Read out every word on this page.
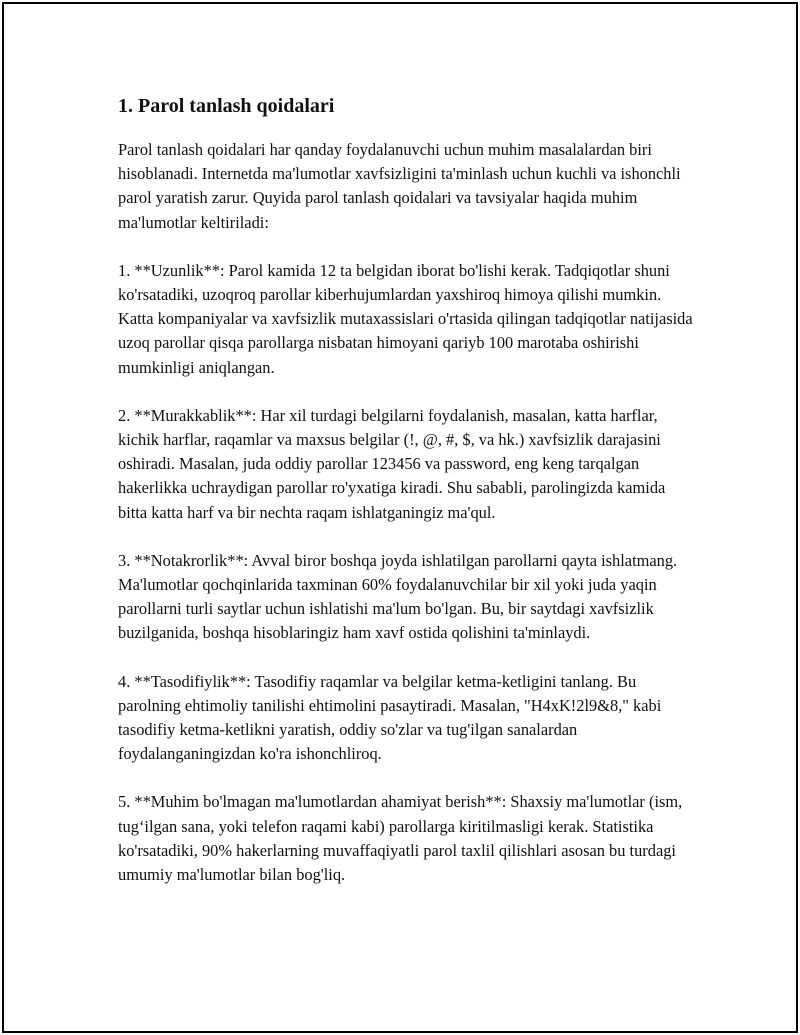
1. Parol tanlash qoidalari

Parol tanlash qoidalari har qanday foydalanuvchi uchun muhim masalalardan biri hisoblanadi. Internetda ma'lumotlar xavfsizligini ta'minlash uchun kuchli va ishonchli parol yaratish zarur. Quyida parol tanlash qoidalari va tavsiyalar haqida muhim ma'lumotlar keltiriladi:

1. **Uzunlik**: Parol kamida 12 ta belgidan iborat bo'lishi kerak. Tadqiqotlar shuni ko'rsatadiki, uzoqroq parollar kiberhujumlardan yaxshiroq himoya qilishi mumkin. Katta kompaniyalar va xavfsizlik mutaxassislari o'rtasida qilingan tadqiqotlar natijasida uzoq parollar qisqa parollarga nisbatan himoyani qariyb 100 marotaba oshirishi mumkinligi aniqlangan.

2. **Murakkablik**: Har xil turdagi belgilarni foydalanish, masalan, katta harflar, kichik harflar, raqamlar va maxsus belgilar (!, @, #, $, va hk.) xavfsizlik darajasini oshiradi. Masalan, juda oddiy parollar 123456 va password, eng keng tarqalgan hakerlikka uchraydigan parollar ro'yxatiga kiradi. Shu sababli, parolingizda kamida bitta katta harf va bir nechta raqam ishlatganingiz ma'qul.

3. **Notakrorlik**: Avval biror boshqa joyda ishlatilgan parollarni qayta ishlatmang. Ma'lumotlar qochqinlarida taxminan 60% foydalanuvchilar bir xil yoki juda yaqin parollarni turli saytlar uchun ishlatishi ma'lum bo'lgan. Bu, bir saytdagi xavfsizlik buzilganida, boshqa hisoblaringiz ham xavf ostida qolishini ta'minlaydi.

4. **Tasodifiylik**: Tasodifiy raqamlar va belgilar ketma-ketligini tanlang. Bu parolning ehtimoliy tanilishi ehtimolini pasaytiradi. Masalan, "H4xK!2l9&8," kabi tasodifiy ketma-ketlikni yaratish, oddiy so'zlar va tug'ilgan sanalardan foydalanganingizdan ko'ra ishonchliroq.

5. **Muhim bo'lmagan ma'lumotlardan ahamiyat berish**: Shaxsiy ma'lumotlar (ism, tug‘ilgan sana, yoki telefon raqami kabi) parollarga kiritilmasligi kerak. Statistika ko'rsatadiki, 90% hakerlarning muvaffaqiyatli parol taxlil qilishlari asosan bu turdagi umumiy ma'lumotlar bilan bog'liq.
